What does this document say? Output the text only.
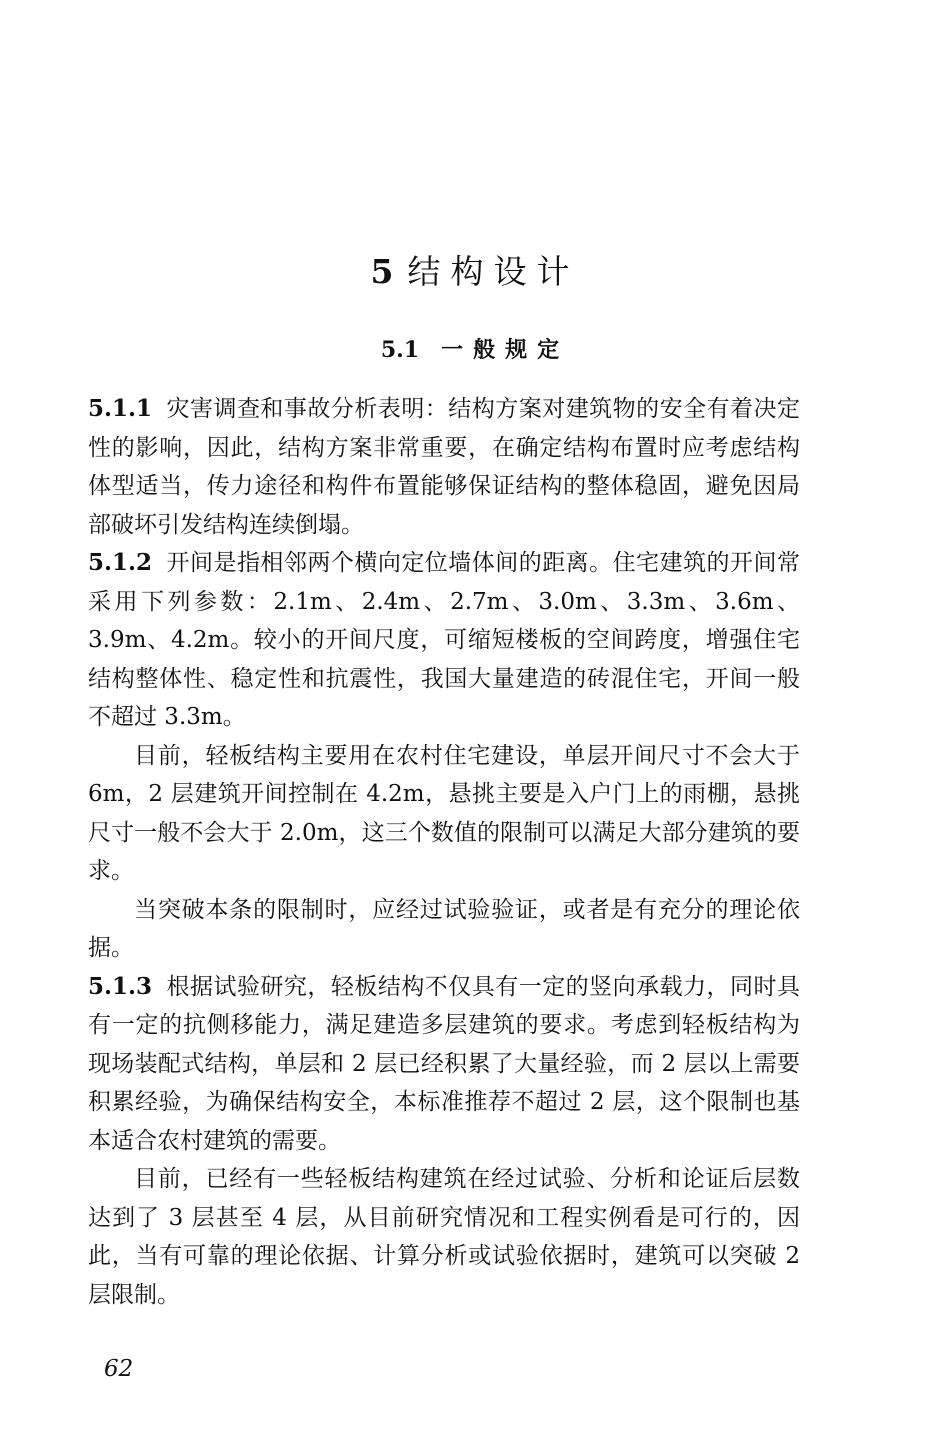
5 结构设计
5.1 一般规定

5.1.1 灾害调查和事故分析表明：结构方案对建筑物的安全有着决定性的影响，因此，结构方案非常重要，在确定结构布置时应考虑结构体型适当，传力途径和构件布置能够保证结构的整体稳固，避免因局部破坏引发结构连续倒塌。

5.1.2 开间是指相邻两个横向定位墙体间的距离。住宅建筑的开间常采用下列参数：2.1m、2.4m、2.7m、3.0m、3.3m、3.6m、3.9m、4.2m。较小的开间尺度，可缩短楼板的空间跨度，增强住宅结构整体性、稳定性和抗震性，我国大量建造的砖混住宅，开间一般不超过 3.3m。

目前，轻板结构主要用在农村住宅建设，单层开间尺寸不会大于 6m，2 层建筑开间控制在 4.2m，悬挑主要是入户门上的雨棚，悬挑尺寸一般不会大于 2.0m，这三个数值的限制可以满足大部分建筑的要求。

当突破本条的限制时，应经过试验验证，或者是有充分的理论依据。

5.1.3 根据试验研究，轻板结构不仅具有一定的竖向承载力，同时具有一定的抗侧移能力，满足建造多层建筑的要求。考虑到轻板结构为现场装配式结构，单层和 2 层已经积累了大量经验，而 2 层以上需要积累经验，为确保结构安全，本标准推荐不超过 2 层，这个限制也基本适合农村建筑的需要。

目前，已经有一些轻板结构建筑在经过试验、分析和论证后层数达到了 3 层甚至 4 层，从目前研究情况和工程实例看是可行的，因此，当有可靠的理论依据、计算分析或试验依据时，建筑可以突破 2 层限制。

62
